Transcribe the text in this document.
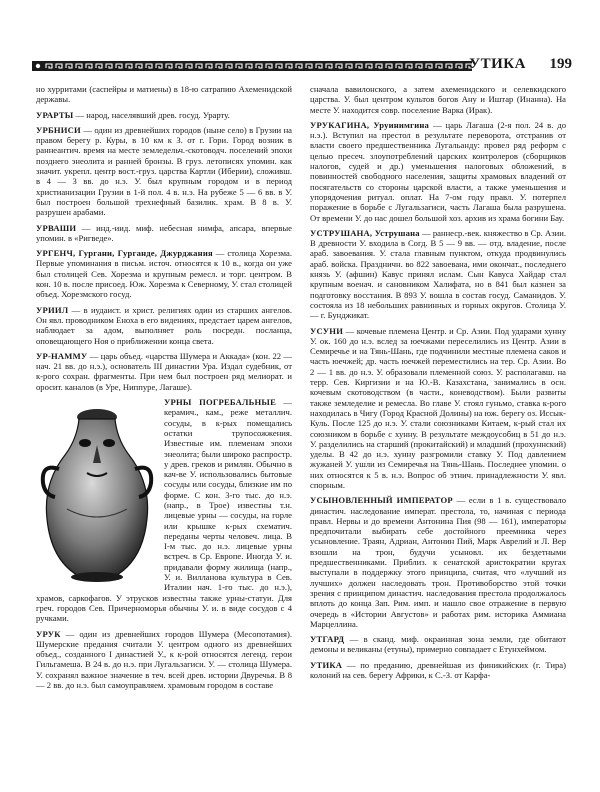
УТИКА 199

но хурритами (саспейры и матиены) в 18-ю сатрапию Ахеменидской державы.

УРАРТЫ — народ, населявший древ. госуд. Урарту.

УРБНИСИ — один из древнейших городов (ныне село) в Грузии на правом берегу р. Куры, в 10 км к З. от г. Гори. Город возник в раннеантич. время на месте земледельч.-скотоводч. поселений эпохи позднего энеолита и ранней бронзы. В груз. летописях упомин. как значит. укрепл. центр вост.-груз. царства Картли (Иберии), сложивш. в 4 — 3 вв. до н.э. У. был крупным городом и в период христианизации Грузии в 1-й пол. 4 в. н.э. На рубеже 5 — 6 вв. в У. был построен большой трехнефный базилик. храм. В 8 в. У. разрушен арабами.

УРВАШИ — инд.-иид. миф. небесная нимфа, апсара, впервые упомин. в «Ригведе».

УРГЕНЧ, Гургани, Гурганде, Джурджания — столица Хорезма. Первые упоминания в письм. источ. относятся к 10 в., когда он уже был столицей Сев. Хорезма и крупным ремесл. и торг. центром. В кон. 10 в. после присоед. Юж. Хорезма к Северному, У. стал столицей объед. Хорезмского госуд.

УРИИЛ — в иудаист. и христ. религиях один из старших ангелов. Он явл. проводником Еноха в его видениях, предстает царем ангелов, наблюдает за адом, выполняет роль посредн. посланца, оповещающего Ноя о приближении конца света.

УР-НАММУ — царь объед. «царства Шумера и Аккада» (кон. 22 — нач. 21 вв. до н.э.), основатель III династии Ура. Издал судебник, от к-рого сохран. фрагменты. При нем был построен ряд мелиорат. и оросит. каналов (в Уре, Ниппуре, Лагаше).

УРНЫ ПОГРЕБАЛЬНЫЕ
— керамич., кам., реже металлич. сосуды, в к-рых помещались остатки трупосожжения. Известные им. племенам эпохи энеолита; были широко распростр. у древ. греков и римлян. Обычно в кач-ве У. использовались бытовые сосуды или сосуды, близкие им по форме. С кон. 3-го тыс. до н.э. (напр., в Трое) известны т.н. лицевые урны — сосуды, на горле или крышке к-рых схематич. переданы черты человеч. лица. В I-м тыс. до н.э. лицевые урны встреч. в Ср. Европе. Иногда У. и. придавали форму жилища (напр., У. и. Вилланова культура в Сев. Италии нач. 1-го тыс. до н.э.), храмов, саркофагов. У этрусков известны также урны-статуи. Для греч. городов Сев. Причерноморья обычны У. и. в виде сосудов с 4 ручками.

УРУК — один из древнейших городов Шумера (Месопотамия). Шумерские предания считали У. центром одного из древнейших объед., созданного I династией У., к к-рой относятся легенд. герои Гильгамеша. В 24 в. до н.э. при Лугальзагиси. У. — столица Шумера. У. сохранял важное значение в теч. всей древ. истории Двуречья. В 8 — 2 вв. до н.э. был самоуправляем. храмовым городом в составе

сначала вавилонского, а затем ахеменидского и селевкидского царства. У. был центром культов богов Ану и Иштар (Инанна). На месте У. находится совр. поселение Варка (Ирак).

УРУКАГИНА, Уруинимгина — царь Лагаша (2-я пол. 24 в. до н.э.). Вступил на престол в результате переворота, отстранив от власти своего предшественника Лугальанду: провел ряд реформ с целью пресеч. злоупотреблений царских контролеров (сборщиков налогов, судей и др.) уменьшения налоговых обложений, в повинностей свободного населения, защиты храмовых владений от посягательств со стороны царской власти, а также уменьшения и упорядочения ритуал. оплат. На 7-ом году правл. У. потерпел поражение в борьбе с Лугальзагиси, часть Лагаша была разрушена. От времени У. до нас дошел большой хоз. архив из храма богини Бау.

УСТРУШАНА, Уструшана — раннеср.-век. княжество в Ср. Азии. В древности У. входила в Согд. В 5 — 9 вв. — отд. владение, после араб. завоевания. У. стала главным пунктом, откуда продвинулись араб. войска. Праздничн. во 822 завоевана, ими окончат., последнего князь У. (афшин) Кавус принял ислам. Сын Кавуса Хайдар стал крупным военач. и сановником Халифата, но в 841 был казнен за подготовку восстания. В 893 У. вошла в состав госуд. Саманидов. У. состояла из 18 небольших равнинных и горных округов. Столица У. — г. Бунджикат.

УСУНИ — кочевые племена Центр. и Ср. Азии. Под ударами хунну У. ок. 160 до н.э. вслед за юечжами переселились из Центр. Азии в Семиречье и на Тянь-Шань, где подчинили местные племена саков и часть юечжей; др. часть юечжей переместились на тер. Ср. Азии. Во 2 — 1 вв. до н.э. У. образовали племенной союз. У. располагавш. на терр. Сев. Киргизии и на Ю.-В. Казахстана, занимались в осн. кочевым скотоводством (в части., коневодством). Были развиты также земледелие и ремесла. Во главе У. стоял гуньмо, ставка к-рого находилась в Чигу (Город Красной Долины) на юж. берегу оз. Иссык-Куль. После 125 до н.э. У. стали союзниками Китаем, к-рый стал их союзником в борьбе с хунну. В результате междоусобиц в 51 до н.э. У. разделились на старший (прокитайский) и младший (прохуннский) уделы. В 42 до н.э. хунну разгромили ставку У. Под давлением жужаней У. ушли из Семиречья на Тянь-Шань. Последнее упомин. о них относятся к 5 в. н.э. Вопрос об этнич. принадлежности У. явл. спорным.

УСЫНОВЛЕННЫЙ ИМПЕРАТОР — если в 1 в. существовало династич. наследование императ. престола, то, начиная с периода правл. Нервы и до времени Антонина Пия (98 — 161), императоры предпочитали выбирать себе достойного преемника через усыновление. Траян, Адриан, Антонин Пий, Марк Аврелий и Л. Вер взошли на трон, будучи усыновл. их бездетными предшественниками. Приблиз. к сенатской аристократии кругах выступали в поддержку этого принципа, считая, что «лучший из лучших» должен наследовать трон. Противоборство этой точки зрения с принципом династич. наследования престола продолжалось вплоть до конца Зап. Рим. имп. и нашло свое отражение в первую очередь в «Истории Августов» и работах рим. историка Аммиана Марцеллина.

УТГАРД — в сканд. миф. окраинная зона земли, где обитают демоны и великаны (етуны), примерно совпадает с Етунхеймом.

УТИКА — по преданию, древнейшая из финикийских (г. Тира) колоний на сев. берегу Африки, к С.-З. от Карфа-
